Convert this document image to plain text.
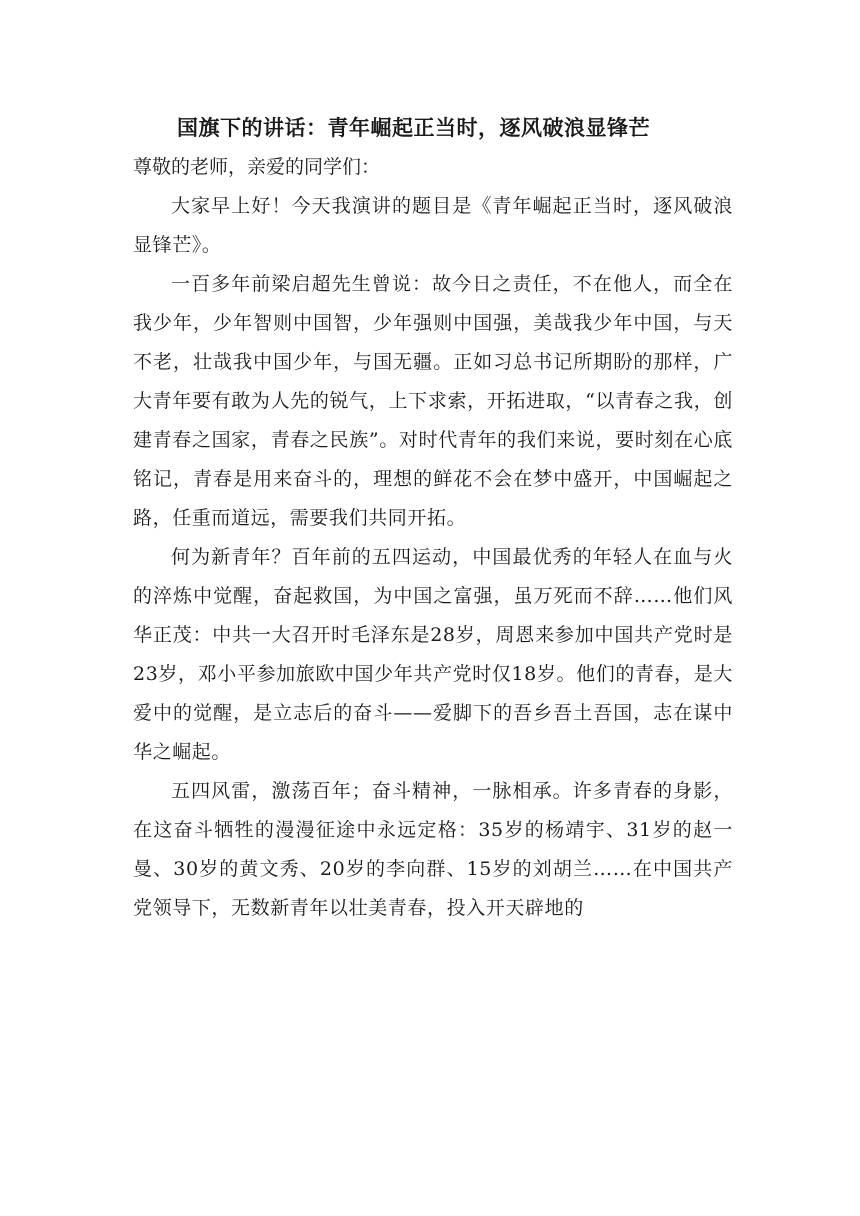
国旗下的讲话：青年崛起正当时，逐风破浪显锋芒

尊敬的老师，亲爱的同学们：

大家早上好！今天我演讲的题目是《青年崛起正当时，逐风破浪显锋芒》。

一百多年前梁启超先生曾说：故今日之责任，不在他人，而全在我少年，少年智则中国智，少年强则中国强，美哉我少年中国，与天不老，壮哉我中国少年，与国无疆。正如习总书记所期盼的那样，广大青年要有敢为人先的锐气，上下求索，开拓进取，“以青春之我，创建青春之国家，青春之民族”。对时代青年的我们来说，要时刻在心底铭记，青春是用来奋斗的，理想的鲜花不会在梦中盛开，中国崛起之路，任重而道远，需要我们共同开拓。

何为新青年？百年前的五四运动，中国最优秀的年轻人在血与火的淬炼中觉醒，奋起救国，为中国之富强，虽万死而不辞……他们风华正茂：中共一大召开时毛泽东是28岁，周恩来参加中国共产党时是23岁，邓小平参加旅欧中国少年共产党时仅18岁。他们的青春，是大爱中的觉醒，是立志后的奋斗——爱脚下的吾乡吾土吾国，志在谋中华之崛起。

五四风雷，激荡百年；奋斗精神，一脉相承。许多青春的身影，在这奋斗牺牲的漫漫征途中永远定格：35岁的杨靖宇、31岁的赵一曼、30岁的黄文秀、20岁的李向群、15岁的刘胡兰……在中国共产党领导下，无数新青年以壮美青春，投入开天辟地的
